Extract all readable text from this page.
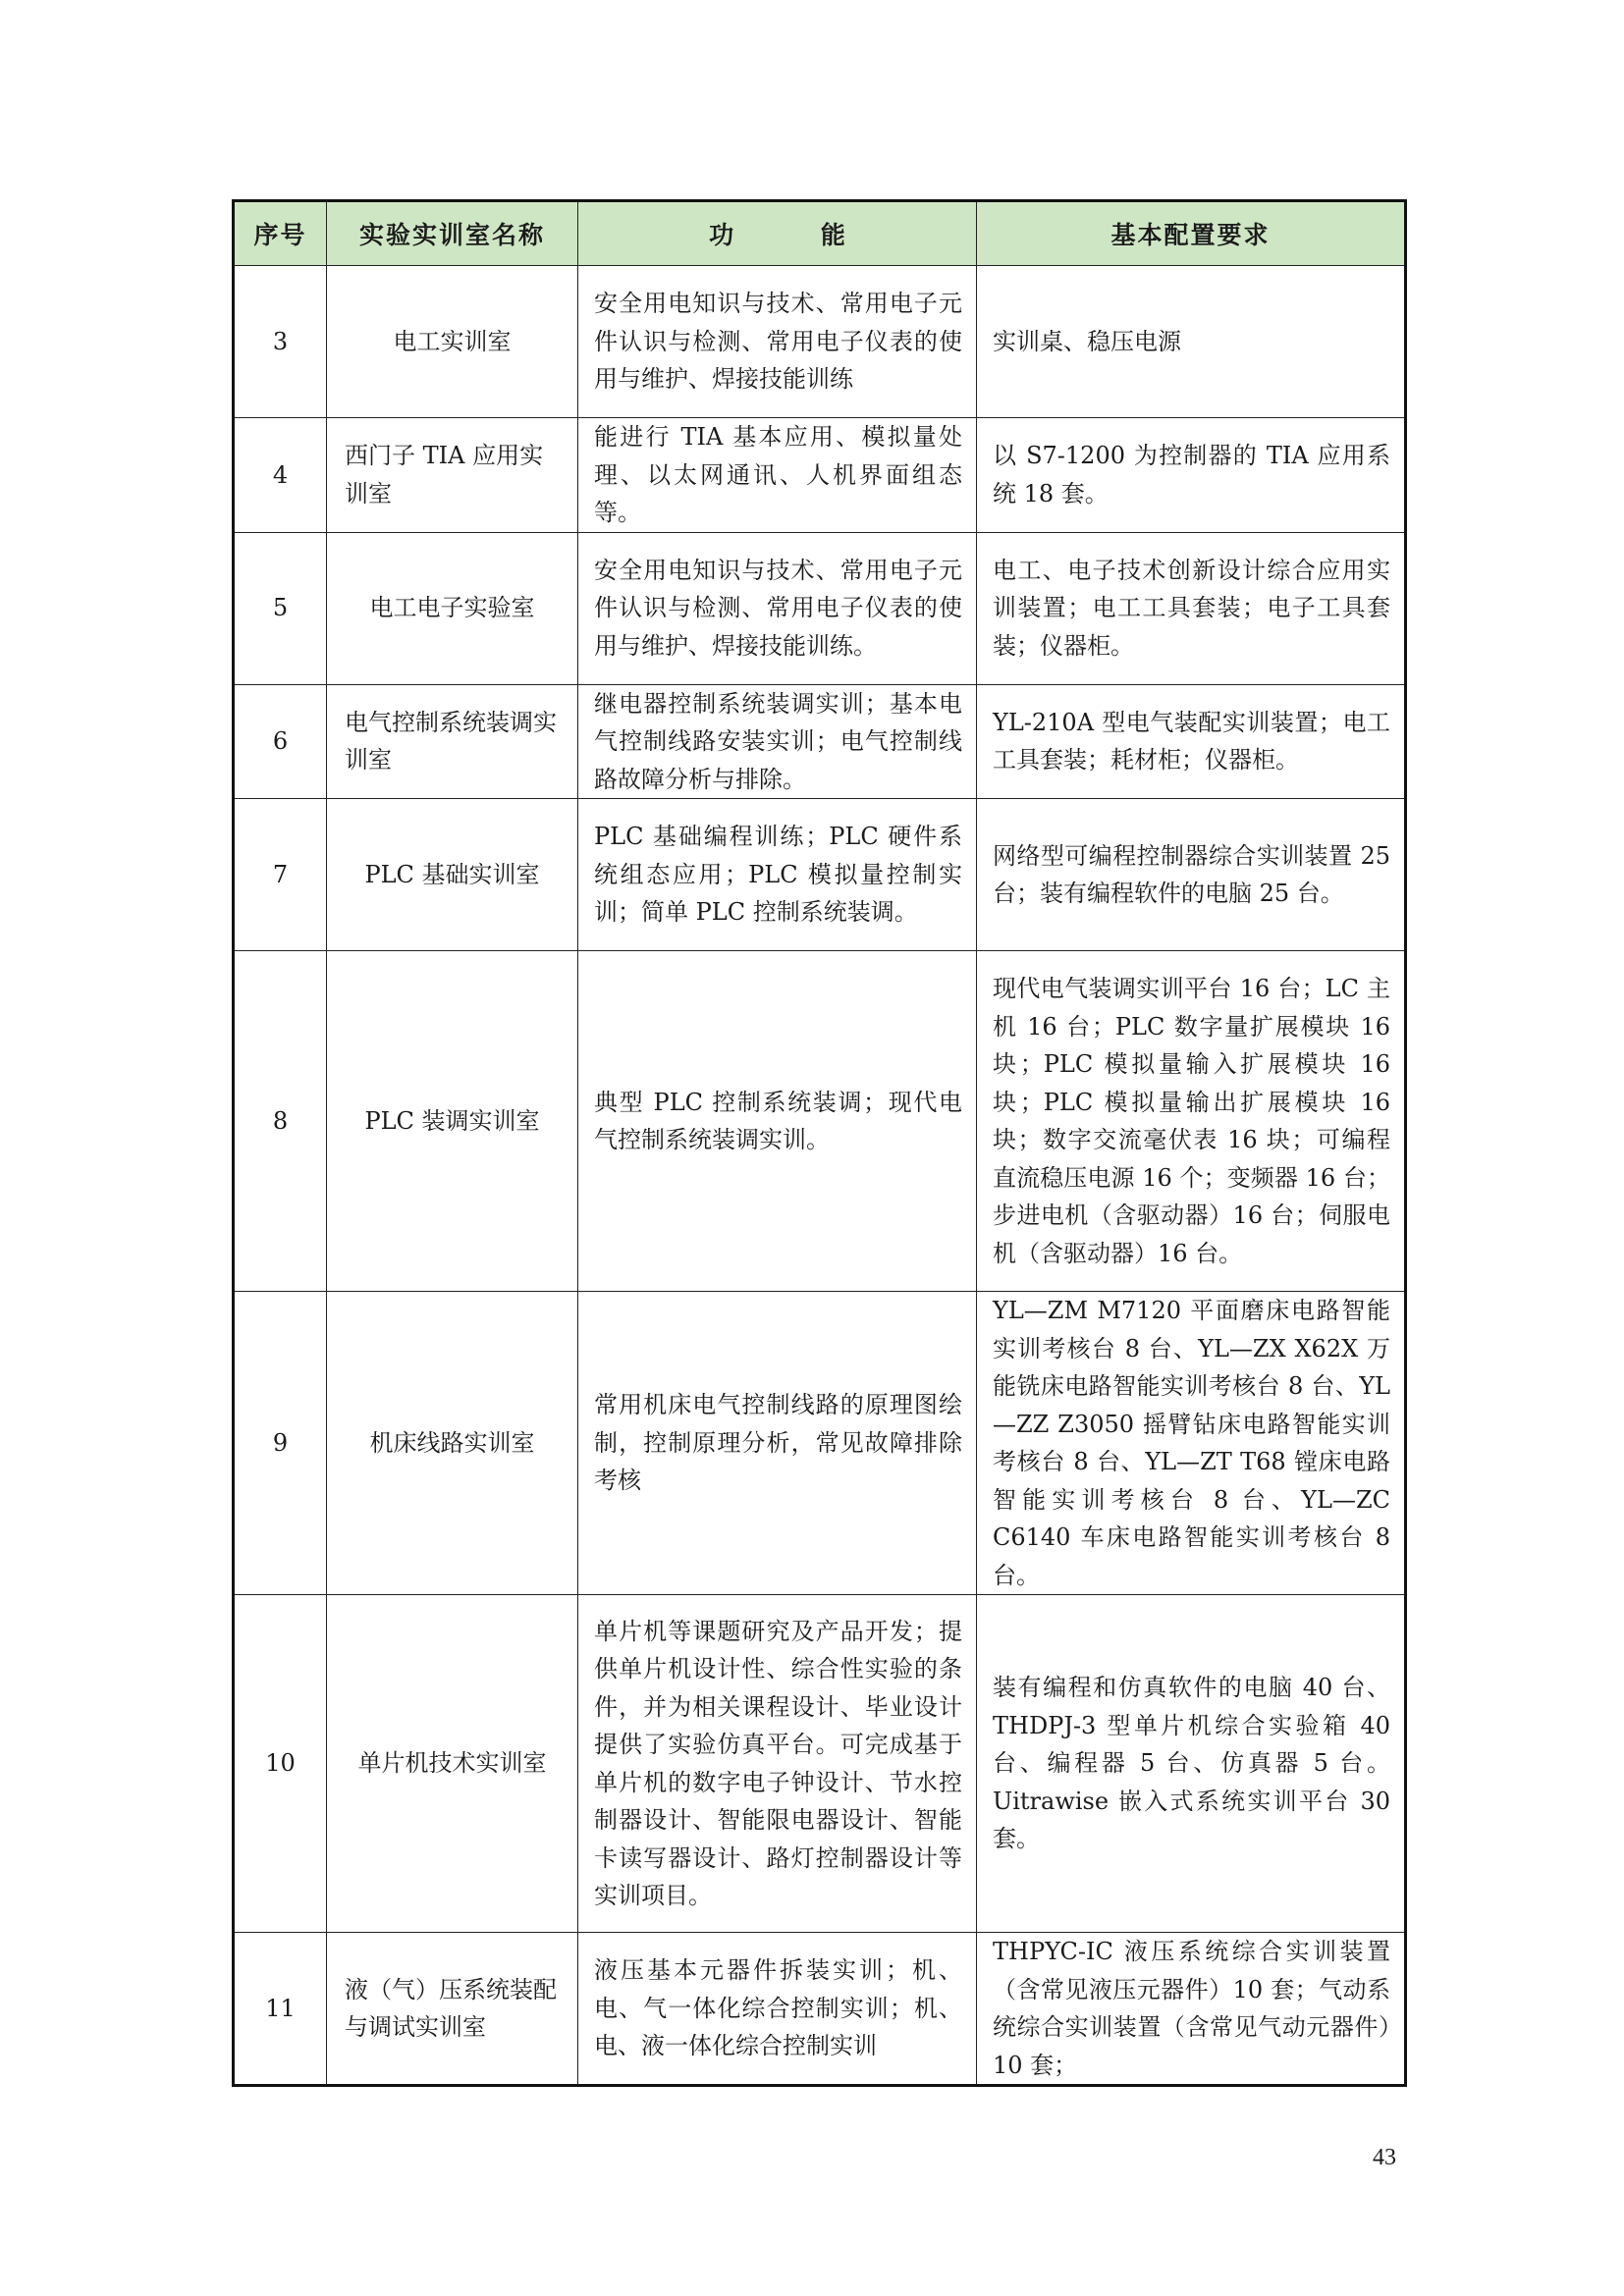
序号	实验实训室名称	功 能	基本配置要求
3	电工实训室	安全用电知识与技术、常用电子元件认识与检测、常用电子仪表的使用与维护、焊接技能训练	实训桌、稳压电源
4	西门子 TIA 应用实训室	能进行 TIA 基本应用、模拟量处理、以太网通讯、人机界面组态等。	以 S7-1200 为控制器的 TIA 应用系统 18 套。
5	电工电子实验室	安全用电知识与技术、常用电子元件认识与检测、常用电子仪表的使用与维护、焊接技能训练。	电工、电子技术创新设计综合应用实训装置；电工工具套装；电子工具套装；仪器柜。
6	电气控制系统装调实训室	继电器控制系统装调实训；基本电气控制线路安装实训；电气控制线路故障分析与排除。	YL-210A 型电气装配实训装置；电工工具套装；耗材柜；仪器柜。
7	PLC 基础实训室	PLC 基础编程训练；PLC 硬件系统组态应用；PLC 模拟量控制实训；简单 PLC 控制系统装调。	网络型可编程控制器综合实训装置 25 台；装有编程软件的电脑 25 台。
8	PLC 装调实训室	典型 PLC 控制系统装调；现代电气控制系统装调实训。	现代电气装调实训平台 16 台；LC 主机 16 台；PLC 数字量扩展模块 16 块；PLC 模拟量输入扩展模块 16 块；PLC 模拟量输出扩展模块 16 块；数字交流毫伏表 16 块；可编程直流稳压电源 16 个；变频器 16 台；步进电机（含驱动器）16 台；伺服电机（含驱动器）16 台。
9	机床线路实训室	常用机床电气控制线路的原理图绘制，控制原理分析，常见故障排除考核	YL—ZM M7120 平面磨床电路智能实训考核台 8 台、YL—ZX X62X 万能铣床电路智能实训考核台 8 台、YL—ZZ Z3050 摇臂钻床电路智能实训考核台 8 台、YL—ZT T68 镗床电路智能实训考核台 8 台、YL—ZC C6140 车床电路智能实训考核台 8 台。
10	单片机技术实训室	单片机等课题研究及产品开发；提供单片机设计性、综合性实验的条件，并为相关课程设计、毕业设计提供了实验仿真平台。可完成基于单片机的数字电子钟设计、节水控制器设计、智能限电器设计、智能卡读写器设计、路灯控制器设计等实训项目。	装有编程和仿真软件的电脑 40 台、THDPJ-3 型单片机综合实验箱 40 台、编程器 5 台、仿真器 5 台。 Uitrawise 嵌入式系统实训平台 30 套。
11	液（气）压系统装配与调试实训室	液压基本元器件拆装实训；机、电、气一体化综合控制实训；机、电、液一体化综合控制实训	THPYC-IC 液压系统综合实训装置（含常见液压元器件）10 套；气动系统综合实训装置（含常见气动元器件）10 套；
43
